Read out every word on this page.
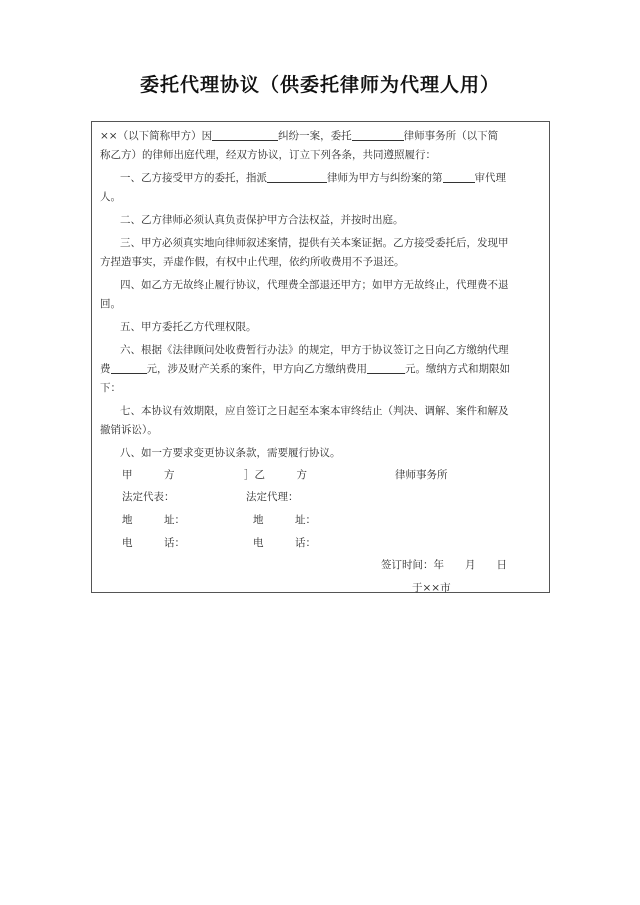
委托代理协议（供委托律师为代理人用）
××（以下简称甲方）因	纠纷一案，委托	律师事务所（以下简
称乙方）的律师出庭代理，经双方协议，订立下列各条，共同遵照履行：
一、乙方接受甲方的委托，指派	律师为甲方与纠纷案的第	审代理
人。
二、乙方律师必须认真负责保护甲方合法权益，并按时出庭。
三、甲方必须真实地向律师叙述案情，提供有关本案证据。乙方接受委托后，发现甲
方捏造事实，弄虚作假，有权中止代理，依约所收费用不予退还。
四、如乙方无故终止履行协议，代理费全部退还甲方；如甲方无故终止，代理费不退
回。
五、甲方委托乙方代理权限。
六、根据《法律顾问处收费暂行办法》的规定，甲方于协议签订之日向乙方缴纳代理
费	元，涉及财产关系的案件，甲方向乙方缴纳费用	元。缴纳方式和期限如
下：
七、本协议有效期限，应自签订之日起至本案本审终结止（判决、调解、案件和解及
撤销诉讼）。
八、如一方要求变更协议条款，需要履行协议。
甲　　　方	］乙　　　方	律师事务所
法定代表：	法定代理：
地　　　址：	地　　　址：
电　　　话：	电　　　话：
签订时间：年　　月　　日
于××市
